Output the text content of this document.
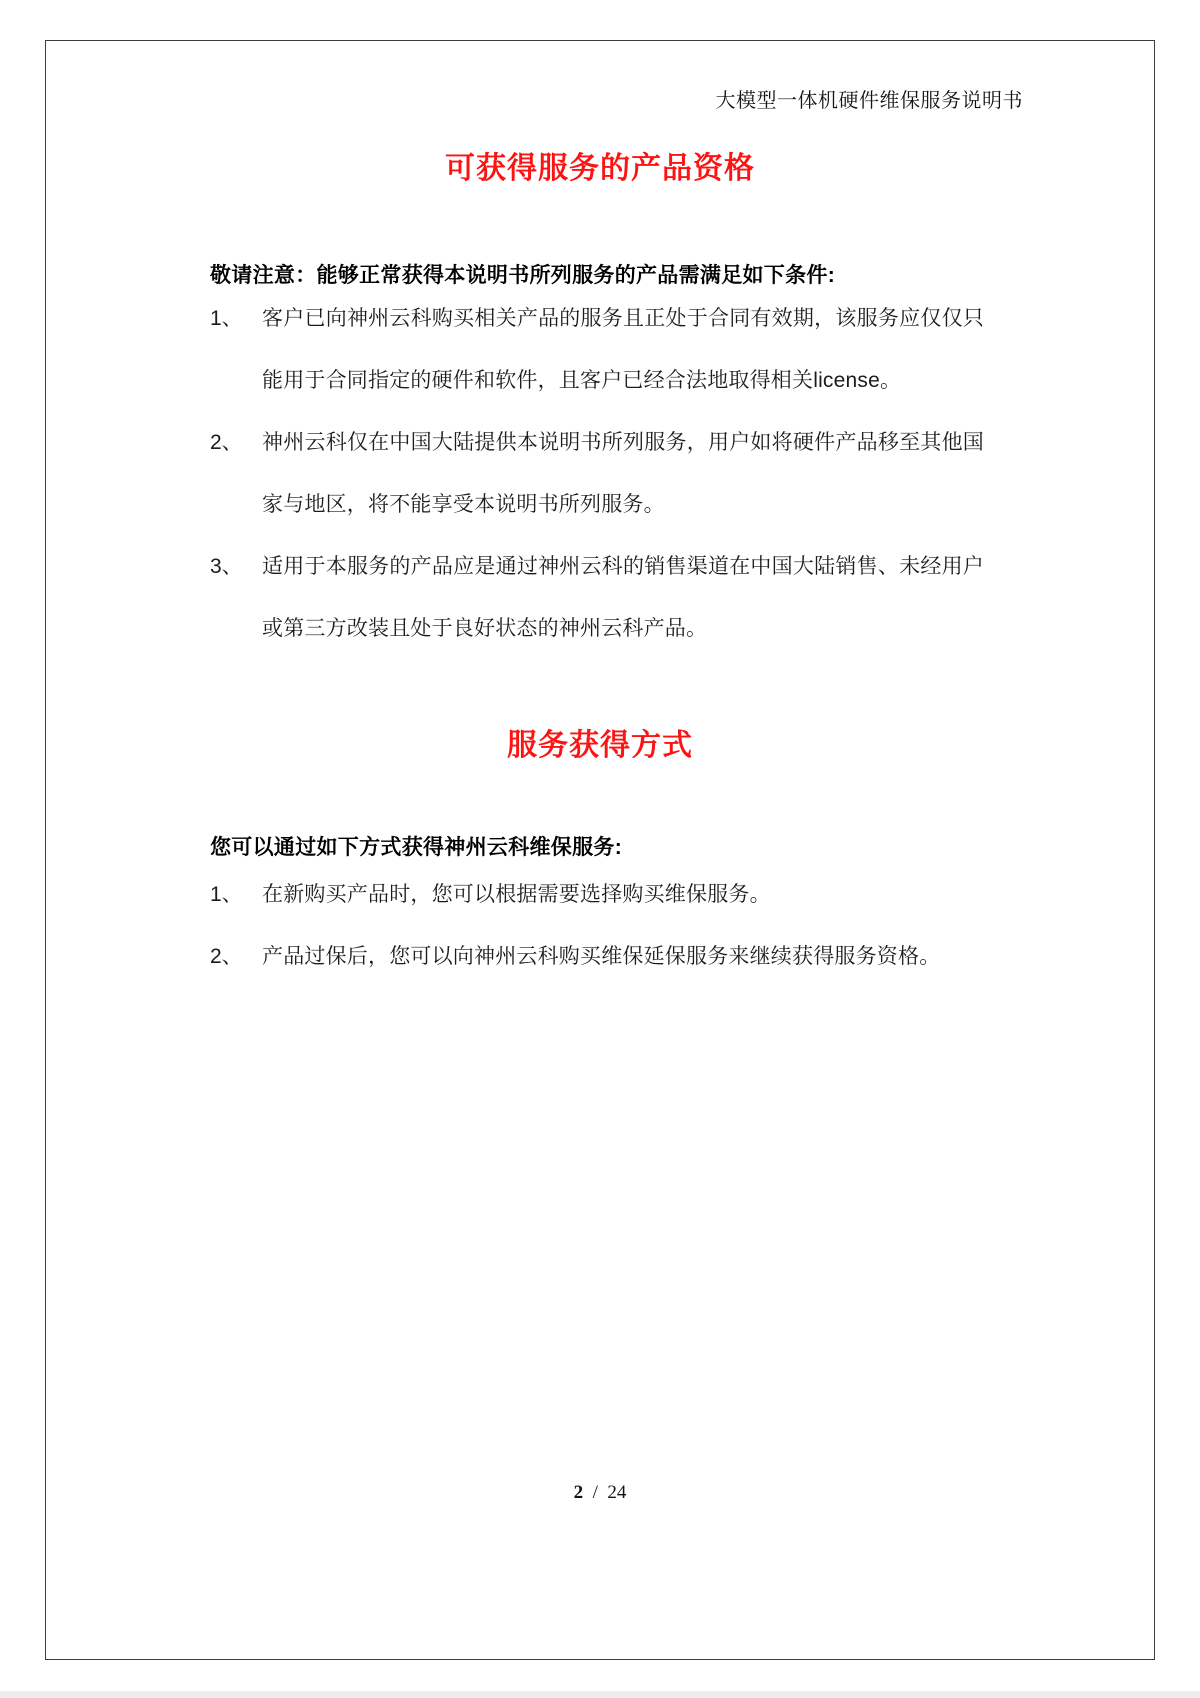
大模型一体机硬件维保服务说明书
可获得服务的产品资格

敬请注意：能够正常获得本说明书所列服务的产品需满足如下条件:

1、 客户已向神州云科购买相关产品的服务且正处于合同有效期，该服务应仅仅只能用于合同指定的硬件和软件，且客户已经合法地取得相关license。
2、 神州云科仅在中国大陆提供本说明书所列服务，用户如将硬件产品移至其他国家与地区，将不能享受本说明书所列服务。
3、 适用于本服务的产品应是通过神州云科的销售渠道在中国大陆销售、未经用户或第三方改装且处于良好状态的神州云科产品。
服务获得方式

您可以通过如下方式获得神州云科维保服务:

1、 在新购买产品时，您可以根据需要选择购买维保服务。
2、 产品过保后，您可以向神州云科购买维保延保服务来继续获得服务资格。
2 / 24
